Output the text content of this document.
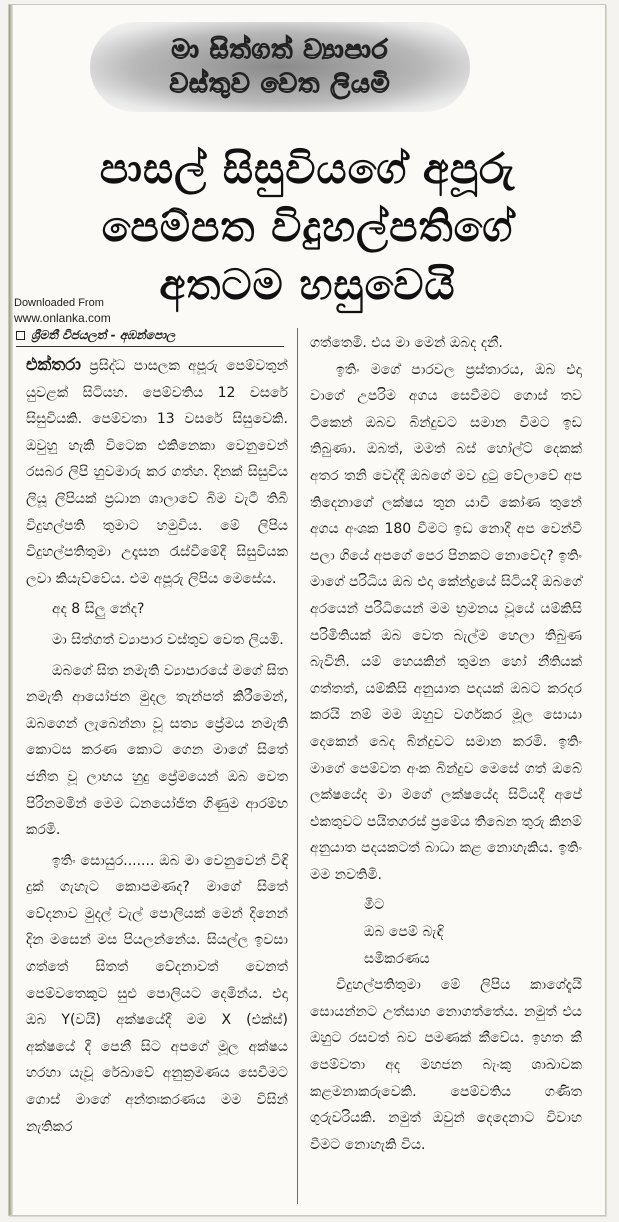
මා සිත්ගත් ව්‍යාපාර
වස්තුව වෙත ලියමි
පාසල් සිසුවියගේ අපූරු
පෙම්පත විදුහල්පතිගේ
අතටම හසුවෙයි
Downloaded From
www.onlanka.com
ශ්‍රීමතී විජයලත් - අඹන්පොල

එක්තරා ප්‍රසිද්ධ පාසලක අපූරු පෙම්වතුන් යුවළක් සිටියහ. පෙම්වතිය 12 වසරේ සිසුවියකි. පෙම්වතා 13 වසරේ සිසුවෙකි. ඔවුහු හැකි විටෙක එකිනෙකා වෙනුවෙන් රසබර ලිපි හුවමාරු කර ගත්හ. දිනක් සිසුවිය ලියූ ලිපියක් ප්‍රධාන ශාලාවේ බිම වැටී තිබී විදුහල්පති තුමාට හමුවිය. මේ ලිපිය විදුහල්පතිතුමා උදෑසන රැස්වීමේදී සිසුවියක ලවා කියැව්වේය. එම අපූරු ලිපිය මෙසේය.

අද 8 සිලු නේද?

මා සිත්ගත් ව්‍යාපාර වස්තුව වෙත ලියමි.

ඔබගේ සිත නමැති ව්‍යාපාරයේ මගේ සිත නමැති ආයෝජන මුදල තැන්පත් කිරීමෙන්, ඔබගෙන් ලැබෙන්නා වූ සත්‍ය ප්‍රේමය නමැති කොටස කරණ කොට ගෙන මාගේ සිතේ ජනිත වූ ලාභය හුදු ප්‍රේමයෙන් ඔබ වෙත පිරිනමමින් මෙම ධනයෝජිත ගිණුම ආරම්භ කරමි.

ඉතිං සොයුර....... ඔබ මා වෙනුවෙන් විඳි දුක් ගැහැට කොපමණද? මාගේ සිතේ වේදනාව මුදල් වැල් පොලියක් මෙන් දිනෙන් දින මසෙන් මස පියලන්නේය. සියල්ල ඉවසා ගත්තේ සිතත් වේදනාවත් වෙනත් පෙම්වතෙකුට සුළු පොලියට දෙමින්ය. එදා ඔබ Y(වයි) අක්ෂයේදී මම X (එක්ස්) අක්ෂයේ දී පෙනී සිට අපගේ මූල අක්ෂය හරහා යැවූ රේඛාවේ අනුක්‍රමණය සෙවීමට ගොස් මාගේ අන්තඃකරණය මම විසින් නැතිකර

ගත්තෙමි. එය මා මෙන් ඔබද දනී.

ඉතිං මගේ පාරවල ප්‍රස්තාරය, ඔබ එදා වාගේ උපරිම අගය සෙවීමට ගොස් තව ටිකෙන් ඔබව බින්දුවට සමාන වීමට ඉඩ තිබුණා. ඔබත්, මමත් බස් හෝල්ට් දෙකක් අතර තනි වෙද්දී ඔබගේ මව දුටු වේලාවේ අප තිදෙනාගේ ලක්ෂය තුන යාවී කෝණ තුනේ අගය අංශක 180 වීමට ඉඩ නොදී අප වෙන්වී පලා ගියේ අපගේ පෙර පිනකට නොවේද? ඉතිං මාගේ පරිධිය ඔබ එදා කේන්ද්‍රයේ සිටියදී ඔබගේ අරයෙන් පරිධියෙන් මම භ්‍රමනය වූයේ යම්කිසි පරිමිතියක් ඔබ වෙත බැල්ම හෙලා තිබුණ බැවිනි. යම් හෙයකින් තුමන හෝ නීතියක් ගත්තත්, යම්කිසි අනුයාත පදයක් ඔබට කරදර කරයි නම් මම ඔහුව වර්ගකර මූල සොයා දෙකෙන් බෙද බින්දුවට සමාන කරමි. ඉතිං මාගේ පෙම්වත අංක බින්දුව මෙසේ ගත් ඔබේ ලක්ෂයේද මා මගේ ලක්ෂයේද සිටියදී අපේ එකතුවට පයිතගරස් ප්‍රමේය තිබෙන තුරු කිනම් අනුයාත පදයකටත් බාධා කළ නොහැකිය. ඉතිං මම නවතිමි.

මීට

ඔබ පෙම් බැඳි

සමීකරණය

විදුහල්පතිතුමා මේ ලිපිය කාගේදැයි සොයන්නට උත්සාහ නොගත්තේය. නමුත් එය ඔහුට රසවත් බව පමණක් කීවේය. ඉහත කී පෙම්වතා අද මහජන බැංකු ශාඛාවක කළමනාකරුවෙකි. පෙම්වතිය ගණිත ගුරුවරියකි. නමුත් ඔවුන් දෙදෙනාට විවාහ වීමට නොහැකි විය.
